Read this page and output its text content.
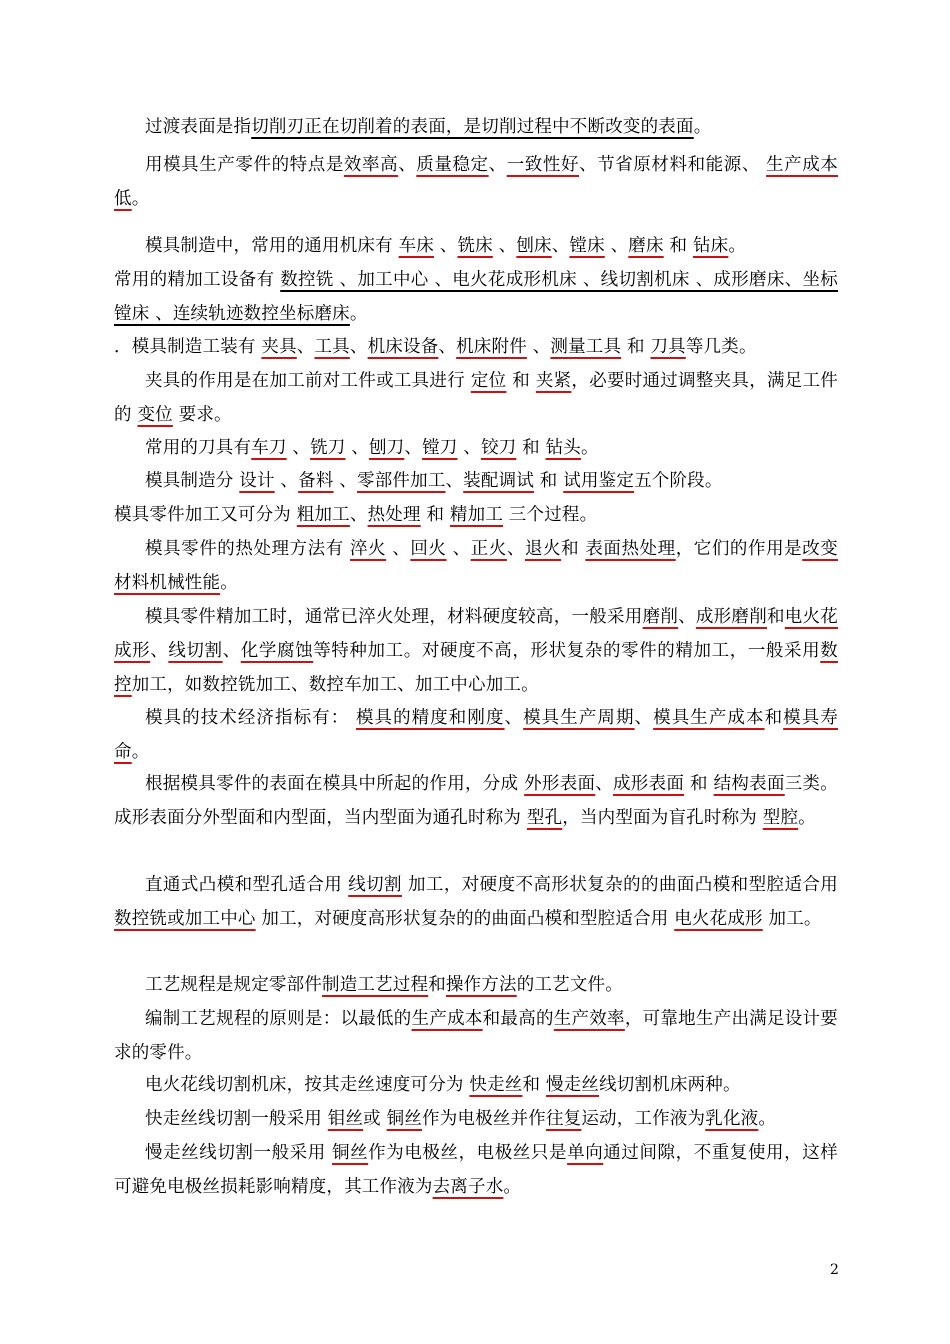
过渡表面是指切削刃正在切削着的表面，是切削过程中不断改变的表面。

用模具生产零件的特点是效率高、质量稳定、一致性好、节省原材料和能源、 生产成本低。

模具制造中，常用的通用机床有 车床 、铣床 、刨床、镗床 、磨床 和 钻床。

常用的精加工设备有 数控铣 、加工中心 、电火花成形机床 、线切割机床 、成形磨床、坐标镗床 、连续轨迹数控坐标磨床。

．模具制造工装有 夹具、工具、机床设备、机床附件 、测量工具 和 刀具等几类。

夹具的作用是在加工前对工件或工具进行 定位 和 夹紧，必要时通过调整夹具，满足工件的 变位 要求。

常用的刀具有车刀 、铣刀 、刨刀、镗刀 、铰刀 和 钻头。

模具制造分 设计 、备料 、零部件加工、装配调试 和 试用鉴定五个阶段。

模具零件加工又可分为 粗加工、热处理 和 精加工 三个过程。

模具零件的热处理方法有 淬火 、回火 、正火、退火和 表面热处理，它们的作用是改变材料机械性能。

模具零件精加工时，通常已淬火处理，材料硬度较高，一般采用磨削、成形磨削和电火花成形、线切割、化学腐蚀等特种加工。对硬度不高，形状复杂的零件的精加工，一般采用数控加工，如数控铣加工、数控车加工、加工中心加工。

模具的技术经济指标有： 模具的精度和刚度、模具生产周期、模具生产成本和模具寿命。

根据模具零件的表面在模具中所起的作用，分成 外形表面、成形表面 和 结构表面三类。成形表面分外型面和内型面，当内型面为通孔时称为 型孔，当内型面为盲孔时称为 型腔。

直通式凸模和型孔适合用 线切割 加工，对硬度不高形状复杂的的曲面凸模和型腔适合用 数控铣或加工中心 加工，对硬度高形状复杂的的曲面凸模和型腔适合用 电火花成形 加工。

工艺规程是规定零部件制造工艺过程和操作方法的工艺文件。

编制工艺规程的原则是：以最低的生产成本和最高的生产效率，可靠地生产出满足设计要求的零件。

电火花线切割机床，按其走丝速度可分为 快走丝和 慢走丝线切割机床两种。

快走丝线切割一般采用 钼丝或 铜丝作为电极丝并作往复运动，工作液为乳化液。

慢走丝线切割一般采用 铜丝作为电极丝，电极丝只是单向通过间隙，不重复使用，这样可避免电极丝损耗影响精度，其工作液为去离子水。

2
